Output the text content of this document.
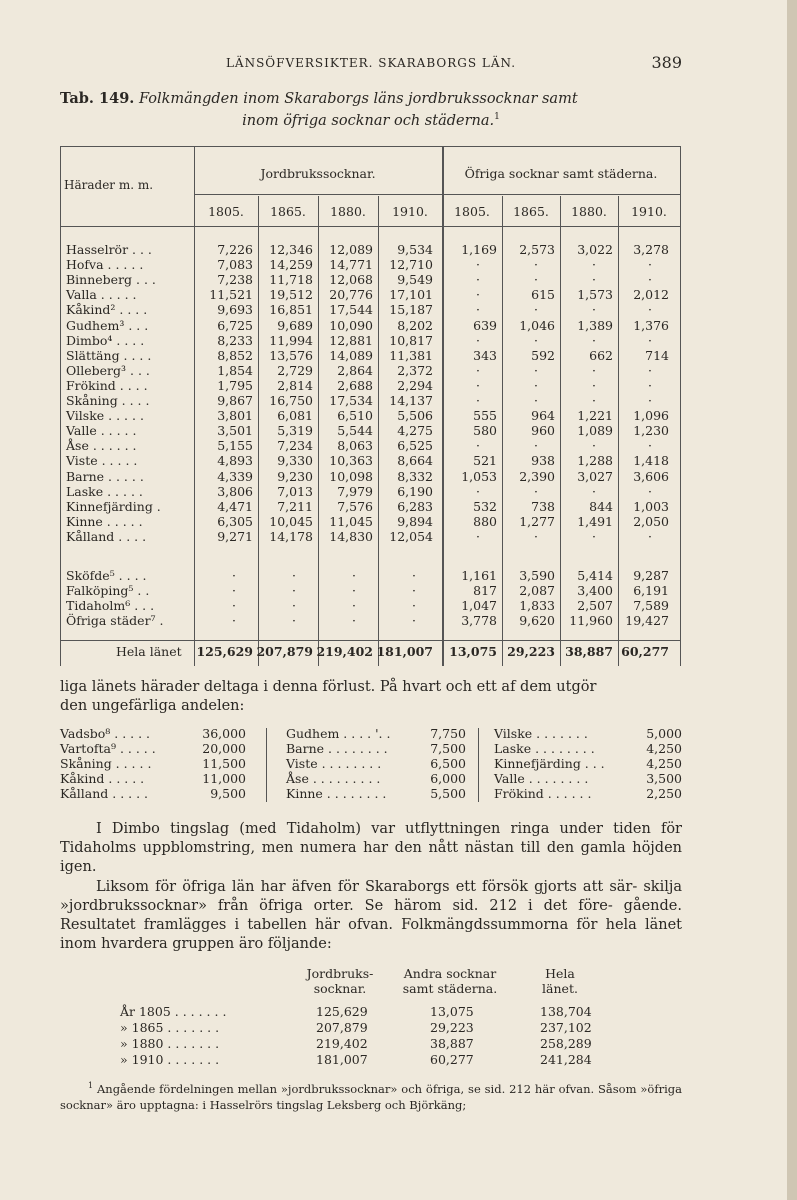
LÄNSÖFVERSIKTER. SKARABORGS LÄN.	389
Tab. 149. Folkmängden inom Skaraborgs läns jordbrukssocknar samt
inom öfriga socknar och städerna.$^1$
Härader m. m.
Jordbrukssocknar.	Öfriga socknar samt städerna.
1805.	1865.	1880.	1910.	1805.	1865.	1880.	1910.
Hasselrör . . .	7,226 12,346 12,089 9,534 1,169 2,573 3,022 3,278
Hofva . . . . .	7,083 14,259 14,771 12,710	·	·	·	·
Binneberg . . .	7,238 11,718 12,068 9,549	·	·	·	·
Valla . . . . .	11,521 19,512 20,776 17,101	·	615 1,573 2,012
Kåkind² . . . .	9,693 16,851 17,544 15,187	·	·	·	·
Gudhem³ . . .	6,725 9,689 10,090 8,202	639 1,046 1,389 1,376
Dimbo⁴ . . . .	8,233 11,994 12,881 10,817	·	·	·	·
Slättäng . . . .	8,852 13,576 14,089 11,381	343	592	662	714
Olleberg³ . . .	1,854 2,729 2,864 2,372	·	·	·	·
Frökind . . . .	1,795 2,814 2,688 2,294	·	·	·	·
Skåning . . . .	9,867 16,750 17,534 14,137	·	·	·	·
Vilske . . . . .	3,801 6,081 6,510 5,506	555	964 1,221 1,096
Valle . . . . .	3,501 5,319 5,544 4,275	580	960 1,089 1,230
Åse . . . . . .	5,155 7,234 8,063 6,525	·	·	·	·
Viste . . . . .	4,893 9,330 10,363 8,664	521	938 1,288 1,418
Barne . . . . .	4,339 9,230 10,098 8,332 1,053 2,390 3,027 3,606
Laske . . . . .	3,806 7,013 7,979 6,190	·	·	·	·
Kinnefjärding .	4,471 7,211 7,576 6,283	532	738	844 1,003
Kinne . . . . .	6,305 10,045 11,045 9,894	880 1,277 1,491 2,050
Kålland . . . .	9,271 14,178 14,830 12,054	·	·	·	·
Sköfde⁵ . . . .	·	·	·	·	1,161 3,590 5,414 9,287
Falköping⁵ . .	·	·	·	·	817 2,087 3,400 6,191
Tidaholm⁶ . . .	·	·	·	·	1,047 1,833 2,507 7,589
Öfriga städer⁷ .	·	·	·	·	3,778 9,620 11,960 19,427
Hela länet 125,629 207,879 219,402 181,007 13,075 29,223 38,887 60,277
liga länets härader deltaga i denna förlust. På hvart och ett af dem utgör
den ungefärliga andelen:
Vadsbo⁸ . . . . .	36,000
Vartofta⁹ . . . . .	20,000
Skåning . . . . .	11,500
Kåkind . . . . .	11,000
Kålland . . . . .	9,500
Gudhem . . . . '. .	7,750
Barne . . . . . . . .	7,500
Viste . . . . . . . .	6,500
Åse . . . . . . . . .	6,000
Kinne . . . . . . . .	5,500
Vilske . . . . . . .	5,000
Laske . . . . . . . .	4,250
Kinnefjärding . . .	4,250
Valle . . . . . . . .	3,500
Frökind . . . . . .	2,250
I Dimbo tingslag (med Tidaholm) var utflyttningen ringa under tiden för Tidaholms uppblomstring, men numera har den nått nästan till den gamla höjden igen.
Liksom för öfriga län har äfven för Skaraborgs ett försök gjorts att sär- skilja »jordbrukssocknar» från öfriga orter. Se härom sid. 212 i det före- gående. Resultatet framlägges i tabellen här ofvan. Folkmängdssummorna för hela länet inom hvardera gruppen äro följande:
Jordbruks-
socknar.
Andra socknar
samt städerna.
Hela
länet.
År 1805 . . . . . . .	125,629	13,075	138,704
» 1865 . . . . . . .	207,879	29,223	237,102
» 1880 . . . . . . .	219,402	38,887	258,289
» 1910 . . . . . . .	181,007	60,277	241,284
$^1$ Angående fördelningen mellan »jordbrukssocknar» och öfriga, se sid. 212 här ofvan. Såsom »öfriga socknar» äro upptagna: i Hasselrörs tingslag Leksberg och Björkäng;
